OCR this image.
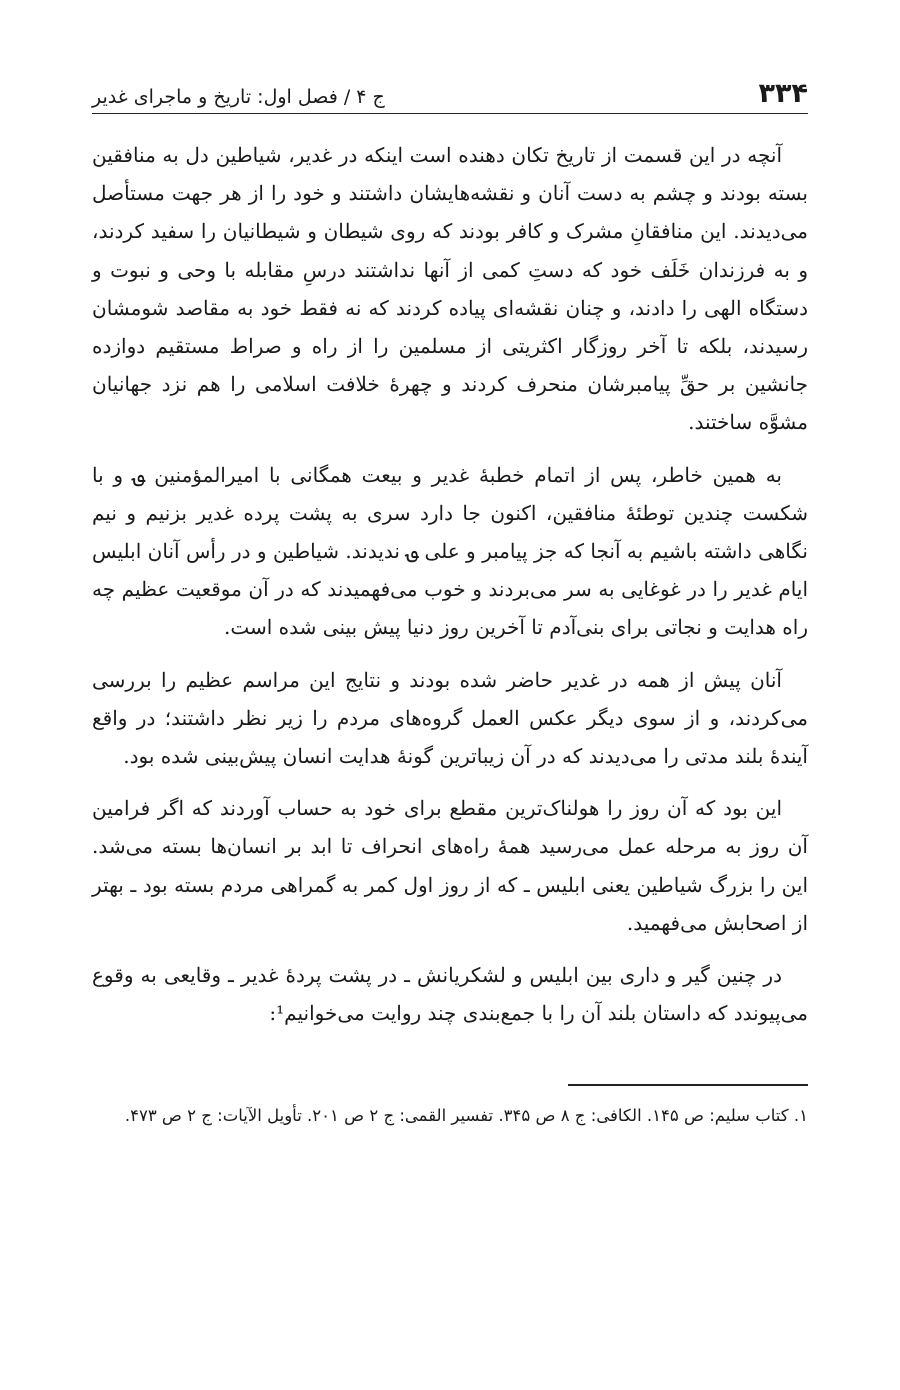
۳۳۴
ج ۴ / فصل اول: تاریخ و ماجرای غدیر

آنچه در این قسمت از تاریخ تکان دهنده است اینکه در غدیر، شیاطین دل به منافقین بسته بودند و چشم به دست آنان و نقشه‌هایشان داشتند و خود را از هر جهت مستأصل می‌دیدند. این منافقانِ مشرک و کافر بودند که روی شیطان و شیطانیان را سفید کردند، و به فرزندان خَلَف خود که دستِ کمی از آنها نداشتند درسِ مقابله با وحی و نبوت و دستگاه الهی را دادند، و چنان نقشه‌ای پیاده کردند که نه فقط خود به مقاصد شومشان رسیدند، بلکه تا آخر روزگار اکثریتی از مسلمین را از راه و صراط مستقیم دوازده جانشین بر حقِّ پیامبرشان منحرف کردند و چهرهٔ خلافت اسلامی را هم نزد جهانیان مشوَّه ساختند.

به همین خاطر، پس از اتمام خطبهٔ غدیر و بیعت همگانی با امیرالمؤمنین ؈ و با شکست چندین توطئهٔ منافقین، اکنون جا دارد سری به پشت پرده غدیر بزنیم و نیم نگاهی داشته باشیم به آنجا که جز پیامبر و علی ؈ ندیدند. شیاطین و در رأس آنان ابلیس ایام غدیر را در غوغایی به سر می‌بردند و خوب می‌فهمیدند که در آن موقعیت عظیم چه راه هدایت و نجاتی برای بنی‌آدم تا آخرین روز دنیا پیش بینی شده است.

آنان پیش از همه در غدیر حاضر شده بودند و نتایج این مراسم عظیم را بررسی می‌کردند، و از سوی دیگر عکس العمل گروه‌های مردم را زیر نظر داشتند؛ در واقع آیندهٔ بلند مدتی را می‌دیدند که در آن زیباترین گونهٔ هدایت انسان پیش‌بینی شده بود.

این بود که آن روز را هولناک‌ترین مقطع برای خود به حساب آوردند که اگر فرامین آن روز به مرحله عمل می‌رسید همهٔ راه‌های انحراف تا ابد بر انسان‌ها بسته می‌شد. این را بزرگ شیاطین یعنی ابلیس ـ که از روز اول کمر به گمراهی مردم بسته بود ـ بهتر از اصحابش می‌فهمید.

در چنین گیر و داری بین ابلیس و لشکریانش ـ در پشت پردهٔ غدیر ـ وقایعی به وقوع می‌پیوندد که داستان بلند آن را با جمع‌بندی چند روایت می‌خوانیم¹:

۱. کتاب سلیم: ص ۱۴۵. الکافی: ج ۸ ص ۳۴۵. تفسیر القمی: ج ۲ ص ۲۰۱. تأویل الآیات: ج ۲ ص ۴۷۳.
